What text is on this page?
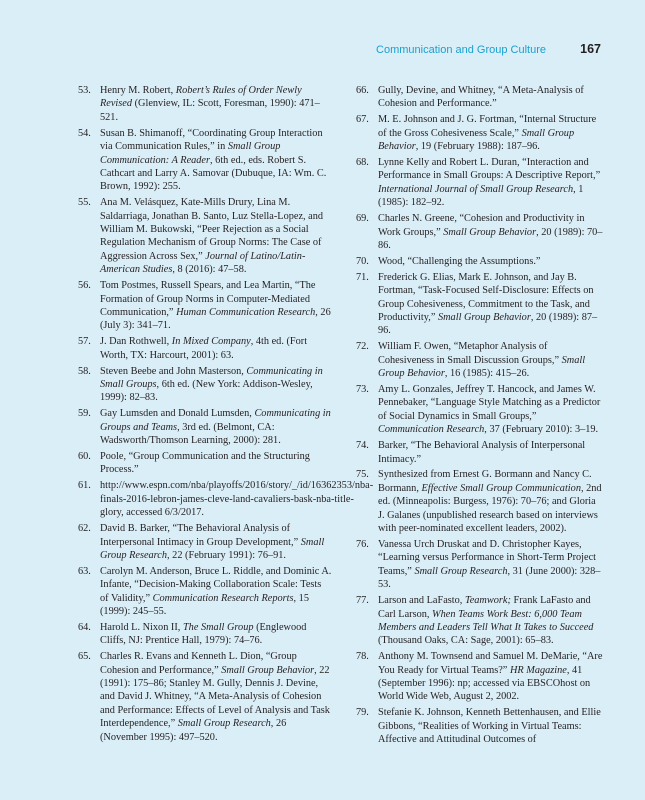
Communication and Group Culture	167
53. Henry M. Robert, Robert’s Rules of Order Newly Revised (Glenview, IL: Scott, Foresman, 1990): 471–521.
54. Susan B. Shimanoff, “Coordinating Group Interaction via Communication Rules,” in Small Group Communication: A Reader, 6th ed., eds. Robert S. Cathcart and Larry A. Samovar (Dubuque, IA: Wm. C. Brown, 1992): 255.
55. Ana M. Velásquez, Kate-Mills Drury, Lina M. Saldarriaga, Jonathan B. Santo, Luz Stella-Lopez, and William M. Bukowski, “Peer Rejection as a Social Regulation Mechanism of Group Norms: The Case of Aggression Across Sex,” Journal of Latino/Latin-American Studies, 8 (2016): 47–58.
56. Tom Postmes, Russell Spears, and Lea Martin, “The Formation of Group Norms in Computer-Mediated Communication,” Human Communication Research, 26 (July 3): 341–71.
57. J. Dan Rothwell, In Mixed Company, 4th ed. (Fort Worth, TX: Harcourt, 2001): 63.
58. Steven Beebe and John Masterson, Communicating in Small Groups, 6th ed. (New York: Addison-Wesley, 1999): 82–83.
59. Gay Lumsden and Donald Lumsden, Communicating in Groups and Teams, 3rd ed. (Belmont, CA: Wadsworth/Thomson Learning, 2000): 281.
60. Poole, “Group Communication and the Structuring Process.”
61. http://www.espn.com/nba/playoffs/2016/story/_/id/16362353/nba-finals-2016-lebron-james-cleve-land-cavaliers-bask-nba-title-glory, accessed 6/3/2017.
62. David B. Barker, “The Behavioral Analysis of Interpersonal Intimacy in Group Development,” Small Group Research, 22 (February 1991): 76–91.
63. Carolyn M. Anderson, Bruce L. Riddle, and Dominic A. Infante, “Decision-Making Collaboration Scale: Tests of Validity,” Communication Research Reports, 15 (1999): 245–55.
64. Harold L. Nixon II, The Small Group (Englewood Cliffs, NJ: Prentice Hall, 1979): 74–76.
65. Charles R. Evans and Kenneth L. Dion, “Group Cohesion and Performance,” Small Group Behavior, 22 (1991): 175–86; Stanley M. Gully, Dennis J. Devine, and David J. Whitney, “A Meta-Analysis of Cohesion and Performance: Effects of Level of Analysis and Task Interdependence,” Small Group Research, 26 (November 1995): 497–520.
66. Gully, Devine, and Whitney, “A Meta-Analysis of Cohesion and Performance.”
67. M. E. Johnson and J. G. Fortman, “Internal Structure of the Gross Cohesiveness Scale,” Small Group Behavior, 19 (February 1988): 187–96.
68. Lynne Kelly and Robert L. Duran, “Interaction and Performance in Small Groups: A Descriptive Report,” International Journal of Small Group Research, 1 (1985): 182–92.
69. Charles N. Greene, “Cohesion and Productivity in Work Groups,” Small Group Behavior, 20 (1989): 70–86.
70. Wood, “Challenging the Assumptions.”
71. Frederick G. Elias, Mark E. Johnson, and Jay B. Fortman, “Task-Focused Self-Disclosure: Effects on Group Cohesiveness, Commitment to the Task, and Productivity,” Small Group Behavior, 20 (1989): 87–96.
72. William F. Owen, “Metaphor Analysis of Cohesiveness in Small Discussion Groups,” Small Group Behavior, 16 (1985): 415–26.
73. Amy L. Gonzales, Jeffrey T. Hancock, and James W. Pennebaker, “Language Style Matching as a Predictor of Social Dynamics in Small Groups,” Communication Research, 37 (February 2010): 3–19.
74. Barker, “The Behavioral Analysis of Interpersonal Intimacy.”
75. Synthesized from Ernest G. Bormann and Nancy C. Bormann, Effective Small Group Communication, 2nd ed. (Minneapolis: Burgess, 1976): 70–76; and Gloria J. Galanes (unpublished research based on interviews with peer-nominated excellent leaders, 2002).
76. Vanessa Urch Druskat and D. Christopher Kayes, “Learning versus Performance in Short-Term Project Teams,” Small Group Research, 31 (June 2000): 328–53.
77. Larson and LaFasto, Teamwork; Frank LaFasto and Carl Larson, When Teams Work Best: 6,000 Team Members and Leaders Tell What It Takes to Succeed (Thousand Oaks, CA: Sage, 2001): 65–83.
78. Anthony M. Townsend and Samuel M. DeMarie, “Are You Ready for Virtual Teams?” HR Magazine, 41 (September 1996): np; accessed via EBSCOhost on World Wide Web, August 2, 2002.
79. Stefanie K. Johnson, Kenneth Bettenhausen, and Ellie Gibbons, “Realities of Working in Virtual Teams: Affective and Attitudinal Outcomes of
